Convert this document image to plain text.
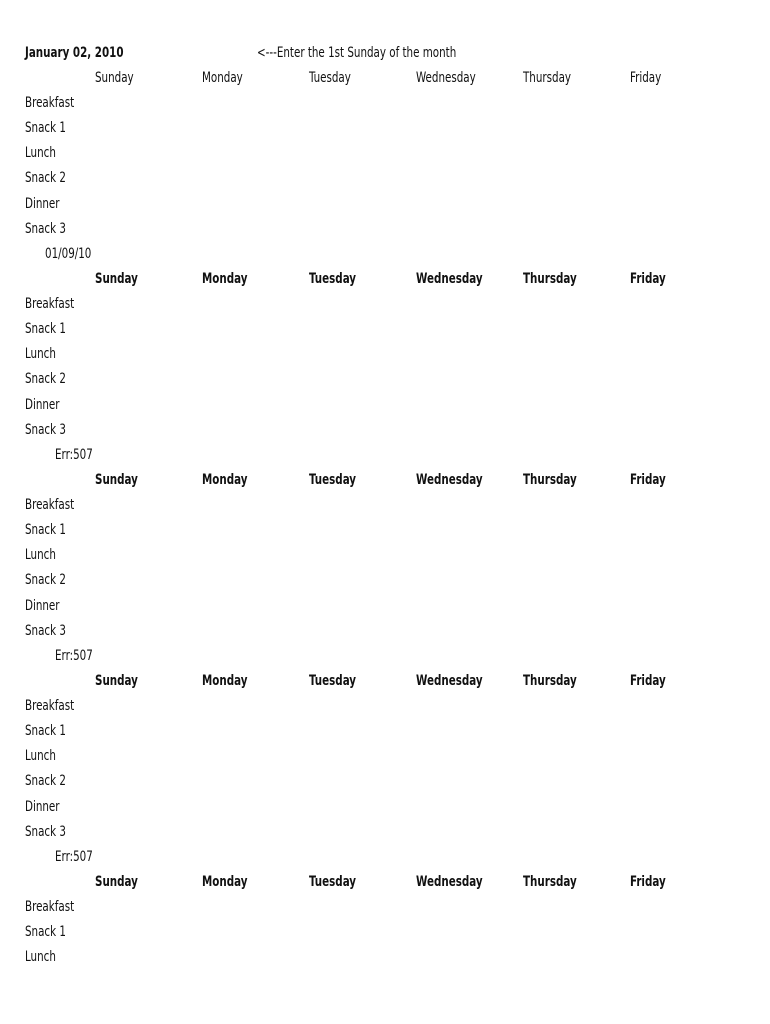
January 02, 2010	<---Enter the 1st Sunday of the month
Sunday	Monday	Tuesday	Wednesday	Thursday	Friday
Breakfast
Snack 1
Lunch
Snack 2
Dinner
Snack 3
01/09/10
Sunday	Monday	Tuesday	Wednesday	Thursday	Friday
Breakfast
Snack 1
Lunch
Snack 2
Dinner
Snack 3
Err:507
Sunday	Monday	Tuesday	Wednesday	Thursday	Friday
Breakfast
Snack 1
Lunch
Snack 2
Dinner
Snack 3
Err:507
Sunday	Monday	Tuesday	Wednesday	Thursday	Friday
Breakfast
Snack 1
Lunch
Snack 2
Dinner
Snack 3
Err:507
Sunday	Monday	Tuesday	Wednesday	Thursday	Friday
Breakfast
Snack 1
Lunch
